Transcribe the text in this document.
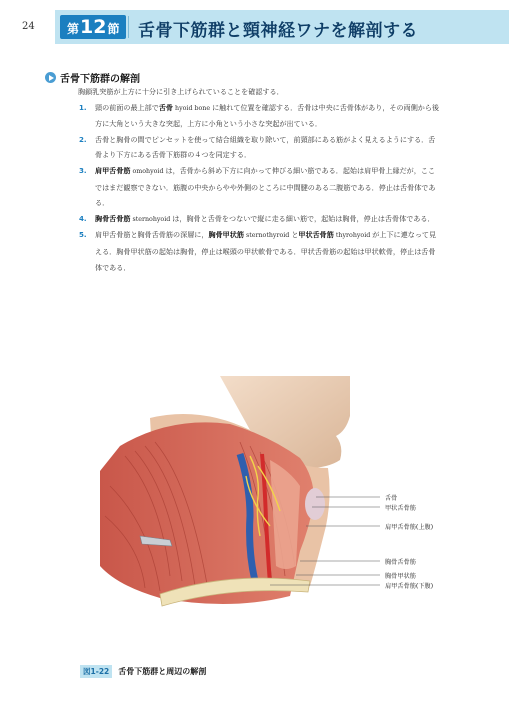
24	第 12 節 舌骨下筋群と頸神経ワナを解剖する
舌骨下筋群の解剖

胸鎖乳突筋が上方に十分に引き上げられていることを確認する．

1. 頸の前面の最上部で舌骨 hyoid bone に触れて位置を確認する．舌骨は中央に舌骨体があり，その両側から後方に大角という大きな突起，上方に小角という小さな突起が出ている．

2. 舌骨と胸骨の間でピンセットを使って結合組織を取り除いて，前頸部にある筋がよく見えるようにする．舌骨より下方にある舌骨下筋群の４つを同定する．

3. 肩甲舌骨筋 omohyoid は，舌骨から斜め下方に向かって伸びる細い筋である．起始は肩甲骨上縁だが，ここではまだ観察できない．筋腹の中央からやや外側のところに中間腱のある二腹筋である．停止は舌骨体である．

4. 胸骨舌骨筋 sternohyoid は，胸骨と舌骨をつないで縦に走る細い筋で，起始は胸骨，停止は舌骨体である．

5. 肩甲舌骨筋と胸骨舌骨筋の深層に，胸骨甲状筋 sternothyroid と甲状舌骨筋 thyrohyoid が上下に連なって見える．胸骨甲状筋の起始は胸骨，停止は喉頭の甲状軟骨である．甲状舌骨筋の起始は甲状軟骨，停止は舌骨体である．

舌骨
甲状舌骨筋
肩甲舌骨筋(上腹)
胸骨舌骨筋
胸骨甲状筋
肩甲舌骨筋(下腹)
図1-22	舌骨下筋群と周辺の解剖
